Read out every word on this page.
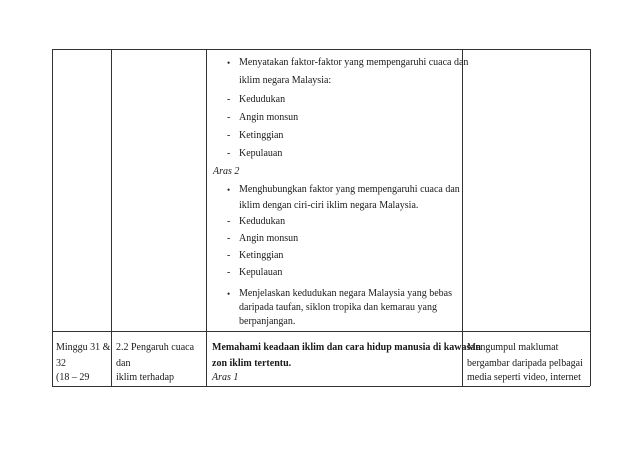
• Menyatakan faktor-faktor yang mempengaruhi cuaca dan
iklim negara Malaysia:
- Kedudukan
- Angin monsun
- Ketinggian
- Kepulauan
Aras 2
• Menghubungkan faktor yang mempengaruhi cuaca dan
iklim dengan ciri-ciri iklim negara Malaysia.
- Kedudukan
- Angin monsun
- Ketinggian
- Kepulauan
• Menjelaskan kedudukan negara Malaysia yang bebas
daripada taufan, siklon tropika dan kemarau yang
berpanjangan.
Minggu 31 &
32
(18 – 29
2.2 Pengaruh cuaca
dan
iklim terhadap
Memahami keadaan iklim dan cara hidup manusia di kawasan
zon iklim tertentu.
Aras 1
Mengumpul maklumat
bergambar daripada pelbagai
media seperti video, internet
